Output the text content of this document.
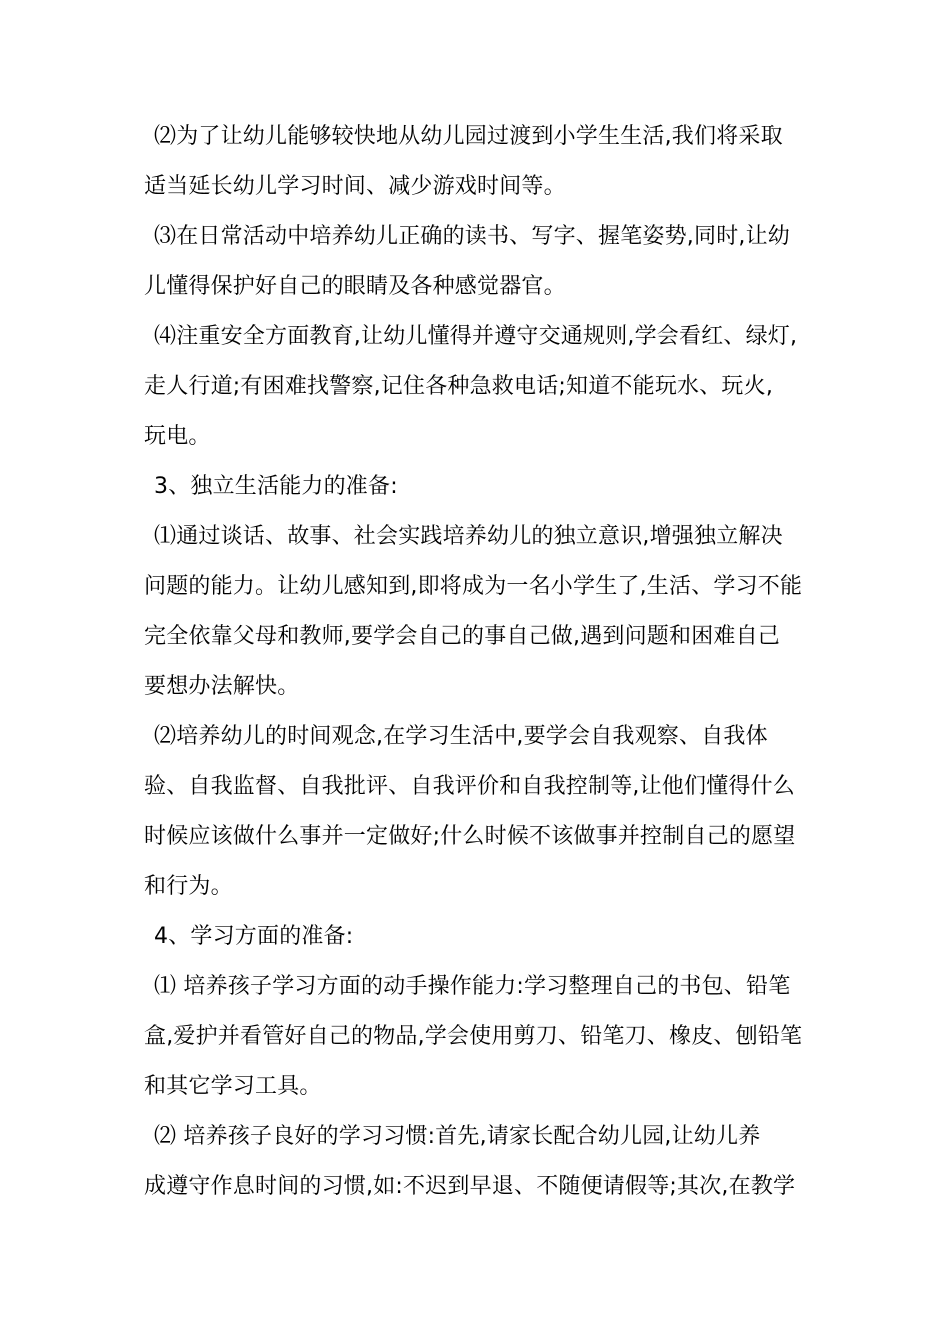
⑵为了让幼儿能够较快地从幼儿园过渡到小学生生活,我们将采取
适当延长幼儿学习时间、减少游戏时间等。
⑶在日常活动中培养幼儿正确的读书、写字、握笔姿势,同时,让幼
儿懂得保护好自己的眼睛及各种感觉器官。
⑷注重安全方面教育,让幼儿懂得并遵守交通规则,学会看红、绿灯,
走人行道;有困难找警察,记住各种急救电话;知道不能玩水、玩火,
玩电。
3、独立生活能力的准备:
⑴通过谈话、故事、社会实践培养幼儿的独立意识,增强独立解决
问题的能力。让幼儿感知到,即将成为一名小学生了,生活、学习不能
完全依靠父母和教师,要学会自己的事自己做,遇到问题和困难自己
要想办法解快。
⑵培养幼儿的时间观念,在学习生活中,要学会自我观察、自我体
验、自我监督、自我批评、自我评价和自我控制等,让他们懂得什么
时候应该做什么事并一定做好;什么时候不该做事并控制自己的愿望
和行为。
4、学习方面的准备:
⑴ 培养孩子学习方面的动手操作能力:学习整理自己的书包、铅笔
盒,爱护并看管好自己的物品,学会使用剪刀、铅笔刀、橡皮、刨铅笔
和其它学习工具。
⑵ 培养孩子良好的学习习惯:首先,请家长配合幼儿园,让幼儿养
成遵守作息时间的习惯,如:不迟到早退、不随便请假等;其次,在教学
